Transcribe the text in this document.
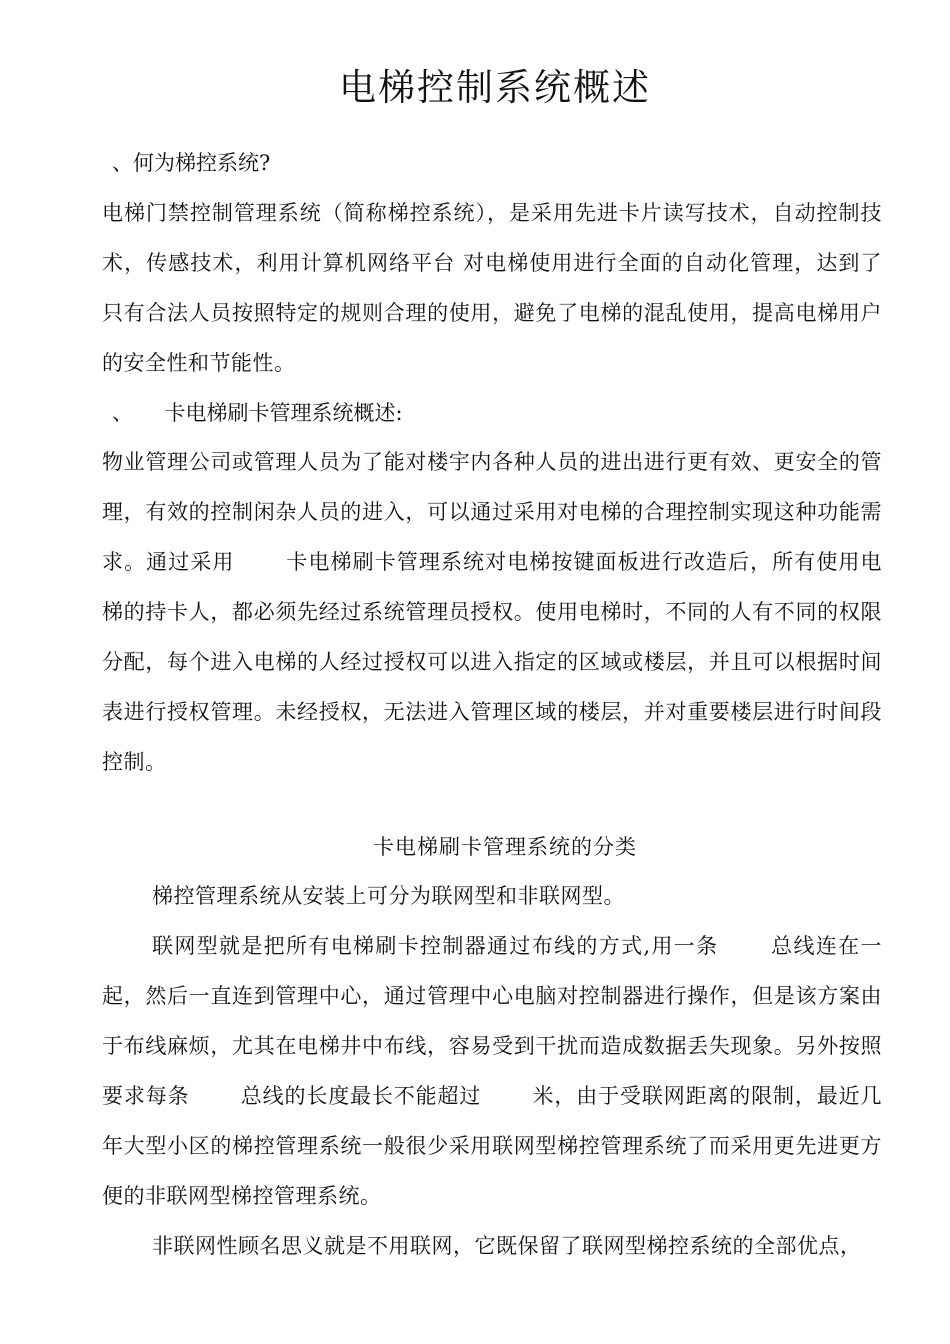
电梯控制系统概述
、何为梯控系统?

电梯门禁控制管理系统（简称梯控系统），是采用先进卡片读写技术，自动控制技术，传感技术，利用计算机网络平台 对电梯使用进行全面的自动化管理，达到了只有合法人员按照特定的规则合理的使用，避免了电梯的混乱使用，提高电梯用户的安全性和节能性。

、　　卡电梯刷卡管理系统概述:

物业管理公司或管理人员为了能对楼宇内各种人员的进出进行更有效、更安全的管理，有效的控制闲杂人员的进入，可以通过采用对电梯的合理控制实现这种功能需求。通过采用　　 卡电梯刷卡管理系统对电梯按键面板进行改造后，所有使用电梯的持卡人，都必须先经过系统管理员授权。使用电梯时，不同的人有不同的权限分配，每个进入电梯的人经过授权可以进入指定的区域或楼层，并且可以根据时间表进行授权管理。未经授权，无法进入管理区域的楼层，并对重要楼层进行时间段控制。

卡电梯刷卡管理系统的分类

梯控管理系统从安装上可分为联网型和非联网型。

联网型就是把所有电梯刷卡控制器通过布线的方式,用一条　　 总线连在一起，然后一直连到管理中心，通过管理中心电脑对控制器进行操作，但是该方案由于布线麻烦，尤其在电梯井中布线，容易受到干扰而造成数据丢失现象。另外按照要求每条　　 总线的长度最长不能超过　　 米，由于受联网距离的限制，最近几年大型小区的梯控管理系统一般很少采用联网型梯控管理系统了而采用更先进更方便的非联网型梯控管理系统。

非联网性顾名思义就是不用联网，它既保留了联网型梯控系统的全部优点，
